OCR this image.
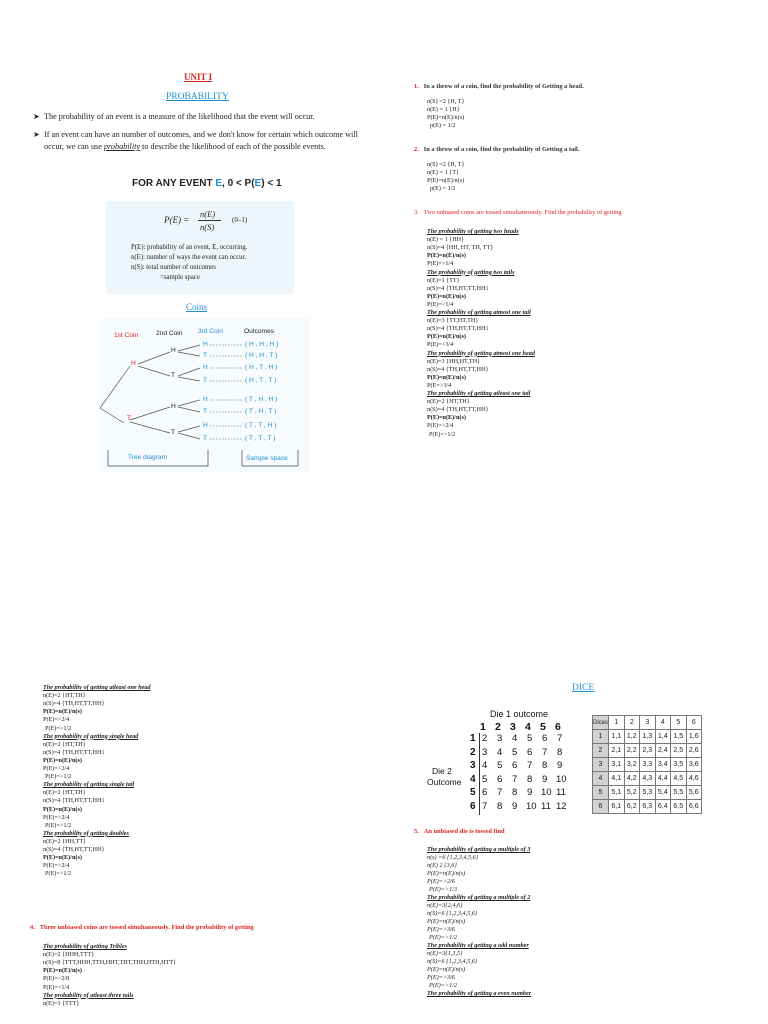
UNIT I
PROBABILITY
➤ The probability of an event is a measure of the likelihood that the event will occur.
➤ If an event can have an number of outcomes, and we don't know for certain which outcome will occur, we can use probability to describe the likelihood of each of the possible events.
FOR ANY EVENT E, 0 < P(E) < 1
P(E) =
n(E)
n(S)
(0–1)
P(E): probability of an event, E, occurring.
n(E): number of ways the event can occur.
n(S): total number of outcomes
=sample space
Coins
1st Coin	2nd Coin 3rd Coin	Outcomes
H
T
H
T
H
T
H
T
H
T
H
T
H
T
( H , H , H )
( H , H , T )
( H , T , H )
( H , T , T )
( T , H , H )
( T , H , T )
( T , T , H )
( T , T , T )
Tree diagram	Sample space
1. In a throw of a coin, find the probability of Getting a head.
n(S) =2 {H, T}
n(E) = 1 {H}
P(E)=n(E)/n(s)
p(E) = 1/2
2. In a throw of a coin, find the probability of Getting a tail.
n(S) =2 {H, T}
n(E) = 1 {T}
P(E)=n(E)/n(s)
p(E) = 1/2
3. Two unbiased coins are tossed simultaneously. Find the probability of getting
The probability of getting two heads
n(E) = 1 {HH}
n(S)=4 {HH, HT, TH, TT}
P(E)=n(E)/n(s)
P(E)=>1/4
The probability of getting two tails
n(E)=1 {TT}
n(S)=4 {TH,HT,TT,HH}
P(E)=n(E)/n(s)
P(E)=>1/4
The probability of getting atmost one tail
n(E)=3 {TT,HT,TH}
n(S)=4 {TH,HT,TT,HH}
P(E)=n(E)/n(s)
P(E)=>3/4
The probability of getting atmost one head
n(E)=3 {HH,HT,TH}
n(S)=4 {TH,HT,TT,HH}
P(E)=n(E)/n(s)
P(E=>3/4
The probability of getting atleast one tail
n(E)=2 {HT,TH}
n(S)=4 {TH,HT,TT,HH}
P(E)=n(E)/n(s)
P(E)=>2/4
P(E)=>1/2
The probability of getting atleast one head
n(E)=2 {HT,TH}
n(S)=4 {TH,HT,TT,HH}
P(E)=n(E)/n(s)
P(E)=>2/4
P(E)=>1/2
The probability of getting single head
n(E)=2 {HT,TH}
n(S)=4 {TH,HT,TT,HH}
P(E)=n(E)/n(s)
P(E)=>2/4
P(E)=>1/2
The probability of getting single tail
n(E)=2 {HT,TH}
n(S)=4 {TH,HT,TT,HH}
P(E)=n(E)/n(s)
P(E)=>2/4
P(E)=>1/2
The probability of getting doubles
n(E)=2 {HH,TT}
n(S)=4 {TH,HT,TT,HH}
P(E)=n(E)/n(s)
P(E)=>2/4
P(E)=>1/2
4. Three unbiased coins are tossed simultaneously. Find the probability of getting
The probability of getting Tribles
n(E)=2 {HHH,TTT}
n(S)=8 {TTT,HHH,TTH,HHT,THT,THH,HTH,HTT}
P(E)=n(E)/n(s)
P(E)=>2/8
P(E)=>1/4
The probability of atleast three tails
n(E)=1 {TTT}
DICE
Die 1 outcome
Die 2
Outcome
1 2 3 4 5 6
1 2 3 4 5 6 7
2 3 4 5 6 7 8
3 4 5 6 7 8 9
4 5 6 7 8 9 10
5 6 7 8 9 10 11
6 7 8 9 10 11 12
Dices	1	2	3	4	5	6
1	1,1	1,2	1,3	1,4	1,5	1,6
2	2,1	2,2	2,3	2,4	2,5	2,6
3	3,1	3,2	3,3	3,4	3,5	3,6
4	4,1	4,2	4,3	4,4	4,5	4,6
5	5,1	5,2	5,3	5,4	5,5	5,6
6	6,1	6,2	6,3	6,4	6,5	6,6
5. An unbiased die is tossed find
The probability of getting a multiple of 3
n(s) =6 {1,2,3,4,5,6}
n(E) 2 {3,6}
P(E)=n(E)/n(s)
P(E)=>2/6
P(E)=>1/3
The probability of getting a multiple of 2
n(E)=3{2,4,6}
n(S)=6 {1,2,3,4,5,6}
P(E)=n(E)/n(s)
P(E)=>3/6
P(E)=>1/2
The probability of getting a odd number
n(E)=3{1,3,5}
n(S)=6 {1,2,3,4,5,6}
P(E)=n(E)/n(s)
P(E)=>3/6
P(E)=>1/2
The probability of getting a even number
